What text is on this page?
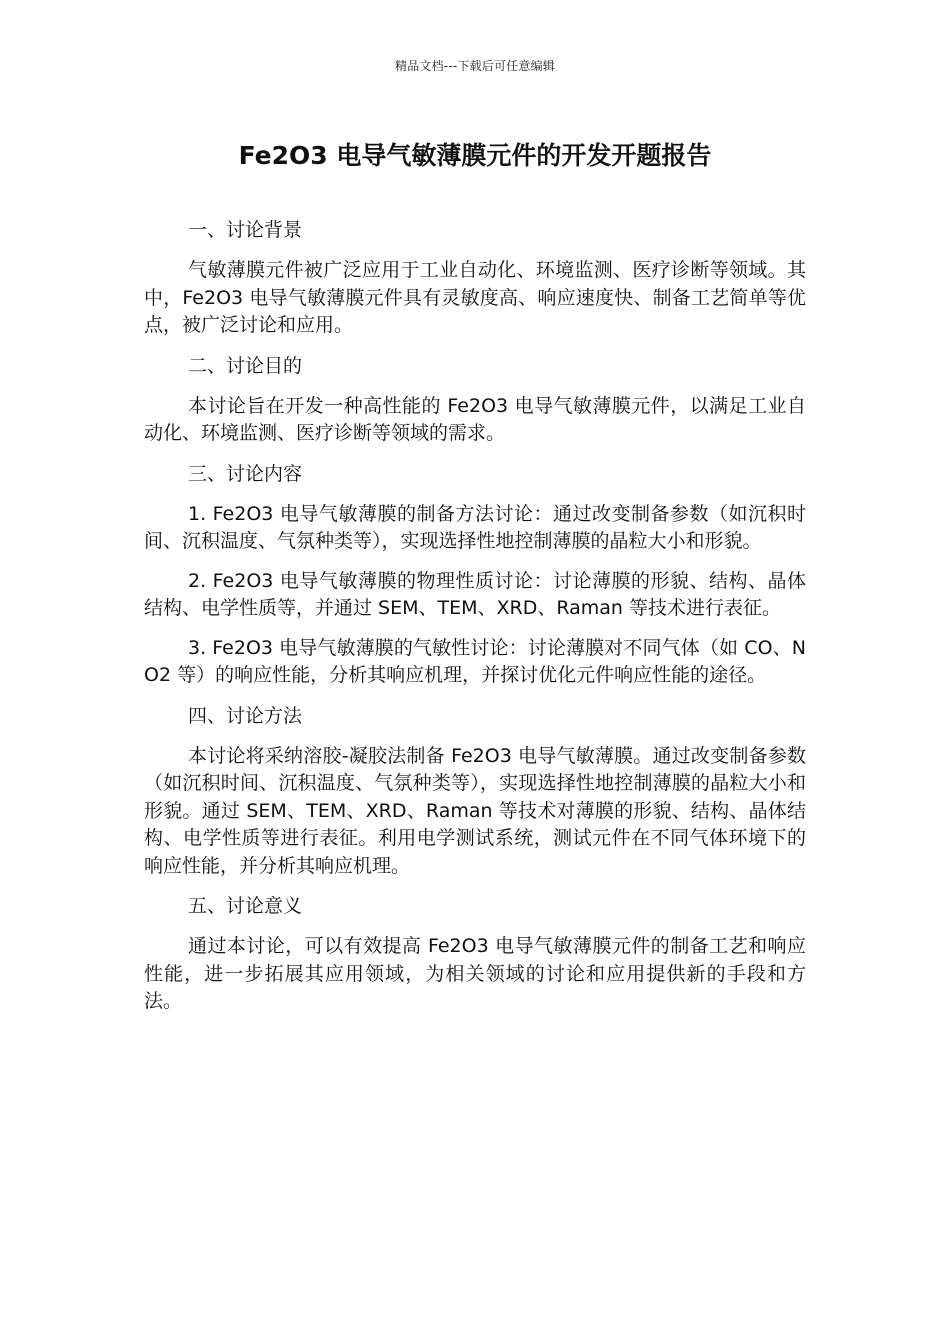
精品文档---下载后可任意编辑
Fe2O3 电导气敏薄膜元件的开发开题报告

一、讨论背景

气敏薄膜元件被广泛应用于工业自动化、环境监测、医疗诊断等领域。其中，Fe2O3 电导气敏薄膜元件具有灵敏度高、响应速度快、制备工艺简单等优点，被广泛讨论和应用。

二、讨论目的

本讨论旨在开发一种高性能的 Fe2O3 电导气敏薄膜元件，以满足工业自动化、环境监测、医疗诊断等领域的需求。

三、讨论内容

1. Fe2O3 电导气敏薄膜的制备方法讨论：通过改变制备参数（如沉积时间、沉积温度、气氛种类等），实现选择性地控制薄膜的晶粒大小和形貌。

2. Fe2O3 电导气敏薄膜的物理性质讨论：讨论薄膜的形貌、结构、晶体结构、电学性质等，并通过 SEM、TEM、XRD、Raman 等技术进行表征。

3. Fe2O3 电导气敏薄膜的气敏性讨论：讨论薄膜对不同气体（如 CO、NO2 等）的响应性能，分析其响应机理，并探讨优化元件响应性能的途径。

四、讨论方法

本讨论将采纳溶胶-凝胶法制备 Fe2O3 电导气敏薄膜。通过改变制备参数（如沉积时间、沉积温度、气氛种类等），实现选择性地控制薄膜的晶粒大小和形貌。通过 SEM、TEM、XRD、Raman 等技术对薄膜的形貌、结构、晶体结构、电学性质等进行表征。利用电学测试系统，测试元件在不同气体环境下的响应性能，并分析其响应机理。

五、讨论意义

通过本讨论，可以有效提高 Fe2O3 电导气敏薄膜元件的制备工艺和响应性能，进一步拓展其应用领域，为相关领域的讨论和应用提供新的手段和方法。
